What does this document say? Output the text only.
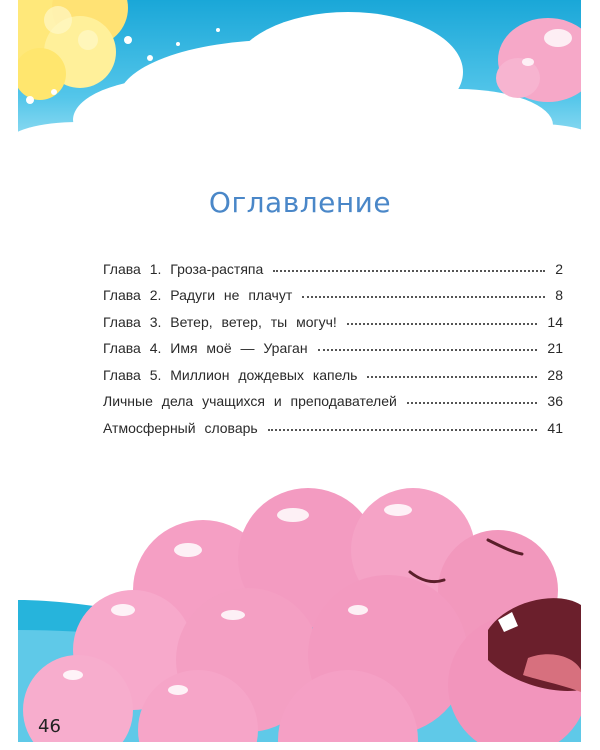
Оглавление
Глава 1. Гроза-растяпа	2
Глава 2. Радуги не плачут	8
Глава 3. Ветер, ветер, ты могуч!	14
Глава 4. Имя моё — Ураган	21
Глава 5. Миллион дождевых капель	28
Личные дела учащихся и преподавателей	36
Атмосферный словарь	41
46
